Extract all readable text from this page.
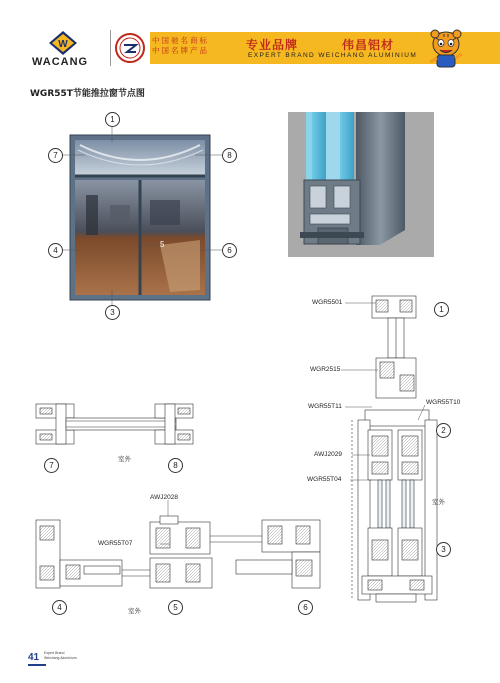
W
WACANG
中国驰名商标
中国名牌产品	专业品牌	伟昌铝材
EXPERT BRAND WEICHANG ALUMINIUM
WGR55T节能推拉窗节点图
1
7	8
4
5
6
3
WGR5501
WGR2515
WGR55T11
WGR55T10
AWJ2029
WGR55T04
AWJ2028
WGR55T07
室外
室外
室外
1
2
3
7	8
4	5	6
41 Expert Brand
Weichang Aluminium
